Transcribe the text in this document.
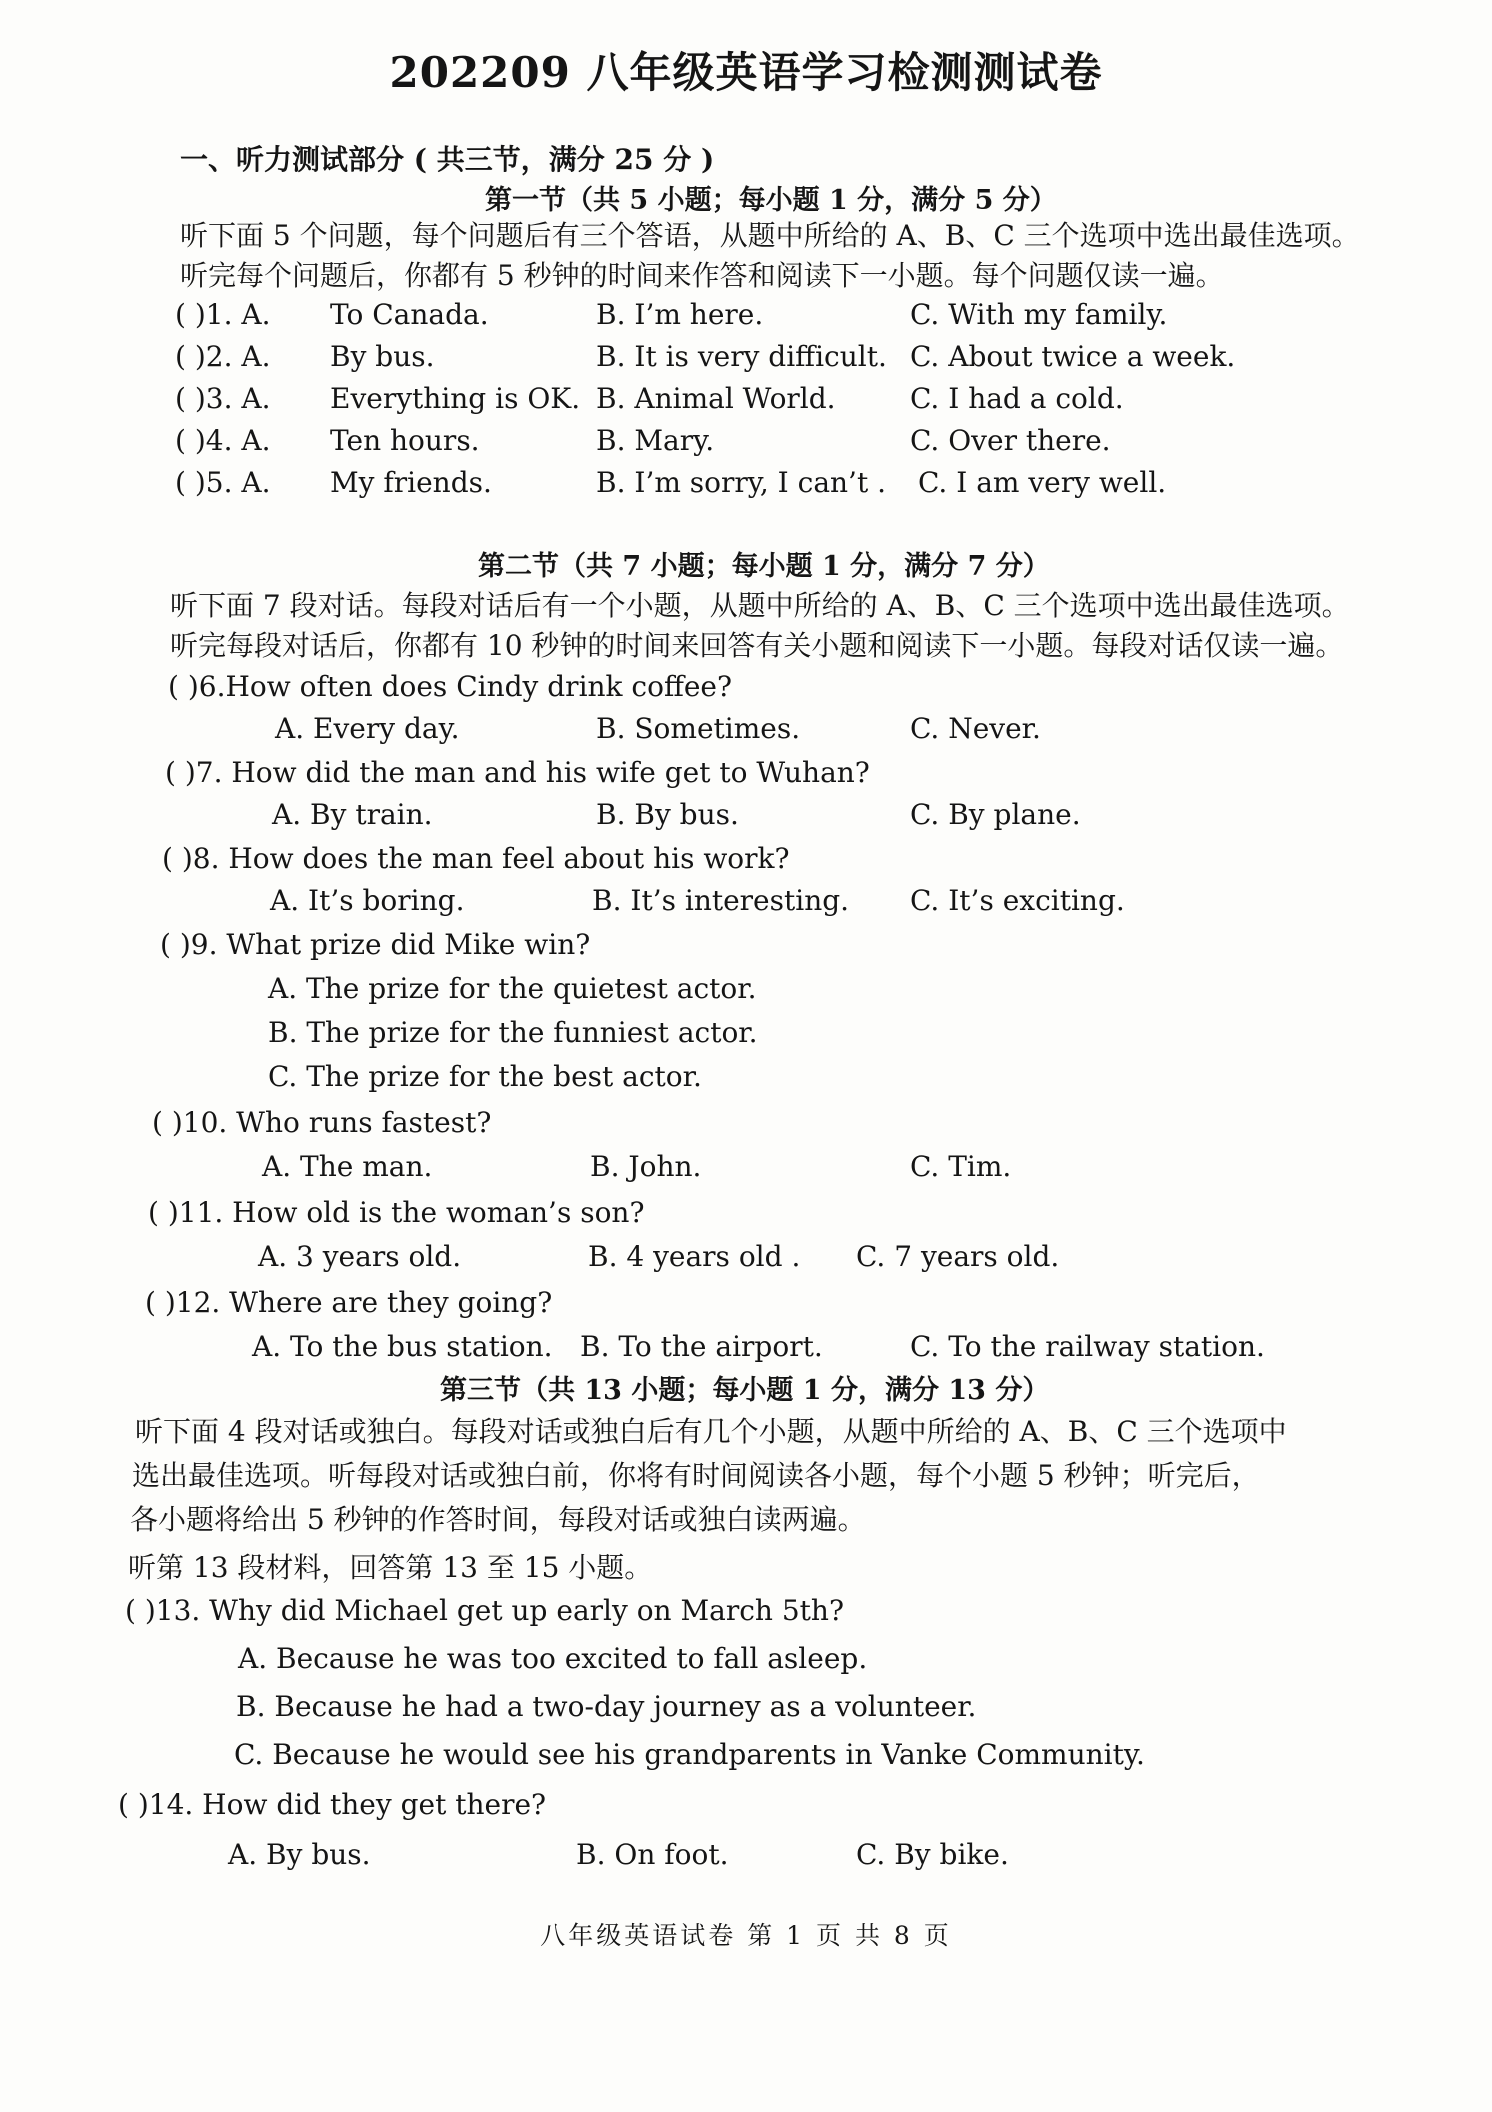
202209 八年级英语学习检测测试卷
一、听力测试部分 ( 共三节，满分 25 分 )
第一节（共 5 小题；每小题 1 分，满分 5 分）
听下面 5 个问题，每个问题后有三个答语，从题中所给的 A、B、C 三个选项中选出最佳选项。
听完每个问题后，你都有 5 秒钟的时间来作答和阅读下一小题。每个问题仅读一遍。
( )1. A. To Canada.	B. I’m here.	C. With my family.
( )2. A. By bus.	B. It is very difficult. C. About twice a week.
( )3. A. Everything is OK. B. Animal World.	C. I had a cold.
( )4. A. Ten hours.	B. Mary.	C. Over there.
( )5. A. My friends.	B. I’m sorry, I can’t . C. I am very well.
第二节（共 7 小题；每小题 1 分，满分 7 分）
听下面 7 段对话。每段对话后有一个小题，从题中所给的 A、B、C 三个选项中选出最佳选项。
听完每段对话后，你都有 10 秒钟的时间来回答有关小题和阅读下一小题。每段对话仅读一遍。
( )6.How often does Cindy drink coffee?
A. Every day.	B. Sometimes.	C. Never.
( )7. How did the man and his wife get to Wuhan?
A. By train.	B. By bus.	C. By plane.
( )8. How does the man feel about his work?
A. It’s boring.	B. It’s interesting. C. It’s exciting.
( )9. What prize did Mike win?
A. The prize for the quietest actor.
B. The prize for the funniest actor.
C. The prize for the best actor.
( )10. Who runs fastest?
A. The man.	B. John.	C. Tim.
( )11. How old is the woman’s son?
A. 3 years old.	B. 4 years old . C. 7 years old.
( )12. Where are they going?
A. To the bus station. B. To the airport.	C. To the railway station.
第三节（共 13 小题；每小题 1 分，满分 13 分）
听下面 4 段对话或独白。每段对话或独白后有几个小题，从题中所给的 A、B、C 三个选项中
选出最佳选项。听每段对话或独白前，你将有时间阅读各小题，每个小题 5 秒钟；听完后，
各小题将给出 5 秒钟的作答时间，每段对话或独白读两遍。
听第 13 段材料，回答第 13 至 15 小题。
( )13. Why did Michael get up early on March 5th?
A. Because he was too excited to fall asleep.
B. Because he had a two-day journey as a volunteer.
C. Because he would see his grandparents in Vanke Community.
( )14. How did they get there?
A. By bus.	B. On foot.	C. By bike.
八年级英语试卷 第 1 页 共 8 页
